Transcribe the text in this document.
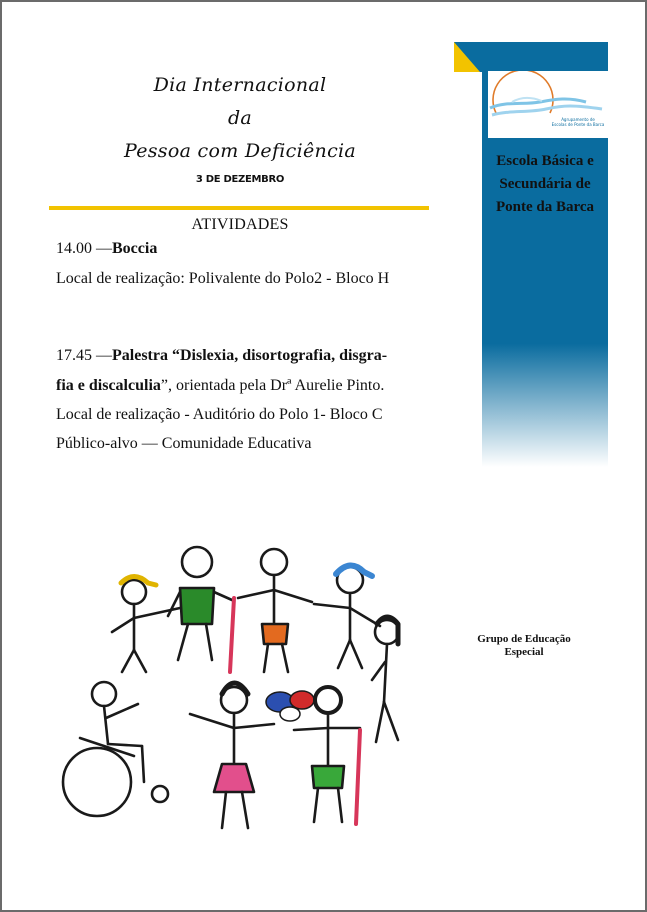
Dia Internacional
da
Pessoa com Deficiência
3 DE DEZEMBRO
ATIVIDADES
14.00 —Boccia
Local de realização: Polivalente do Polo2 - Bloco H
17.45 —Palestra “Dislexia, disortografia, disgra-
fia e discalculia”, orientada pela Drª Aurelie Pinto.
Local de realização - Auditório do Polo 1- Bloco C
Público-alvo — Comunidade Educativa
Agrupamento de
Escolas de Ponte da Barca
Escola Básica e
Secundária de
Ponte da Barca
Grupo de Educação
Especial
